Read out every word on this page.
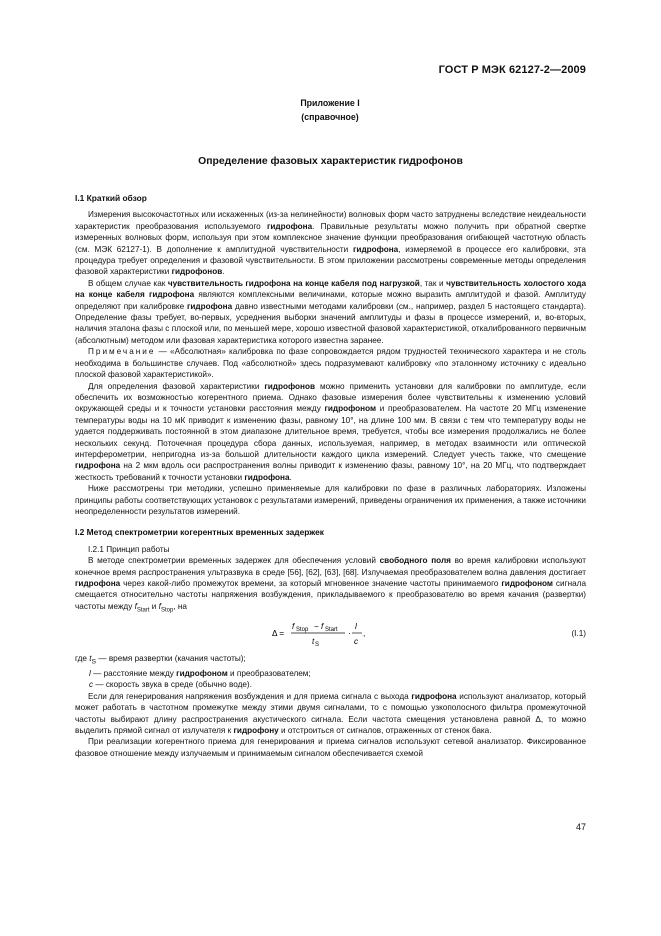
ГОСТ Р МЭК 62127-2—2009
Приложение I
(справочное)
Определение фазовых характеристик гидрофонов
I.1 Краткий обзор

Измерения высокочастотных или искаженных (из-за нелинейности) волновых форм часто затруднены вследствие неидеальности характеристик преобразования используемого гидрофона. Правильные результаты можно получить при обратной свертке измеренных волновых форм, используя при этом комплексное значение функции преобразования огибающей частотную область (см. МЭК 62127-1). В дополнение к амплитудной чувствительности гидрофона, измеряемой в процессе его калибровки, эта процедура требует определения и фазовой чувствительности. В этом приложении рассмотрены современные методы определения фазовой характеристики гидрофонов.

В общем случае как чувствительность гидрофона на конце кабеля под нагрузкой, так и чувствительность холостого хода на конце кабеля гидрофона являются комплексными величинами, которые можно выразить амплитудой и фазой. Амплитуду определяют при калибровке гидрофона давно известными методами калибровки (см., например, раздел 5 настоящего стандарта). Определение фазы требует, во-первых, усреднения выборки значений амплитуды и фазы в процессе измерений, и, во-вторых, наличия эталона фазы с плоской или, по меньшей мере, хорошо известной фазовой характеристикой, откалиброванного первичным (абсолютным) методом или фазовая характеристика которого известна заранее.

Примечание — «Абсолютная» калибровка по фазе сопровождается рядом трудностей технического характера и не столь необходима в большинстве случаев. Под «абсолютной» здесь подразумевают калибровку «по эталонному источнику с идеально плоской фазовой характеристикой».

Для определения фазовой характеристики гидрофонов можно применить установки для калибровки по амплитуде, если обеспечить их возможностью когерентного приема. Однако фазовые измерения более чувствительны к изменению условий окружающей среды и к точности установки расстояния между гидрофоном и преобразователем. На частоте 20 МГц изменение температуры воды на 10 мК приводит к изменению фазы, равному 10°, на длине 100 мм. В связи с тем что температуру воды не удается поддерживать постоянной в этом диапазоне длительное время, требуется, чтобы все измерения продолжались не более нескольких секунд. Поточечная процедура сбора данных, используемая, например, в методах взаимности или оптической интерферометрии, непригодна из-за большой длительности каждого цикла измерений. Следует учесть также, что смещение гидрофона на 2 мкм вдоль оси распространения волны приводит к изменению фазы, равному 10°, на 20 МГц, что подтверждает жесткость требований к точности установки гидрофона.

Ниже рассмотрены три методики, успешно применяемые для калибровки по фазе в различных лабораториях. Изложены принципы работы соответствующих установок с результатами измерений, приведены ограничения их применения, а также источники неопределенности результатов измерений.

I.2 Метод спектрометрии когерентных временных задержек

I.2.1 Принцип работы

В методе спектрометрии временных задержек для обеспечения условий свободного поля во время калибровки используют конечное время распространения ультразвука в среде [56], [62], [63], [68]. Излучаемая преобразователем волна давления достигает гидрофона через какой-либо промежуток времени, за который мгновенное значение частоты принимаемого гидрофоном сигнала смещается относительно частоты напряжения возбуждения, прикладываемого к преобразователю во время качания (развертки) частоты между $f_{Start}$ и $f_{Stop}$, на

Δ =
f Stop − f Start
t S
·
l
c
,	(I.1)
где $t_S$ — время развертки (качания частоты);
l — расстояние между гидрофоном и преобразователем;
c — скорость звука в среде (обычно воде).

Если для генерирования напряжения возбуждения и для приема сигнала с выхода гидрофона используют анализатор, который может работать в частотном промежутке между этими двумя сигналами, то с помощью узкополосного фильтра промежуточной частоты выбирают длину распространения акустического сигнала. Если частота смещения установлена равной Δ, то можно выделить прямой сигнал от излучателя к гидрофону и отстроиться от сигналов, отраженных от стенок бака.

При реализации когерентного приема для генерирования и приема сигналов используют сетевой анализатор. Фиксированное фазовое отношение между излучаемым и принимаемым сигналом обеспечивается схемой

47
